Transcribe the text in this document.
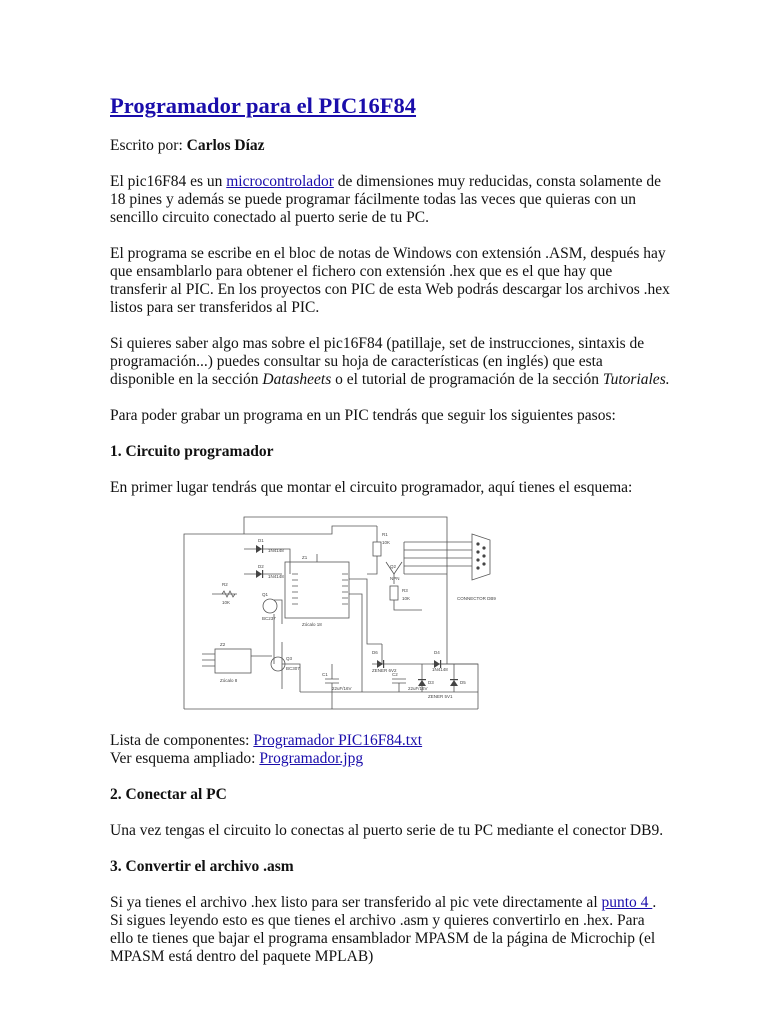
Programador para el PIC16F84

Escrito por: Carlos Díaz

El pic16F84 es un microcontrolador de dimensiones muy reducidas, consta solamente de 18 pines y además se puede programar fácilmente todas las veces que quieras con un sencillo circuito conectado al puerto serie de tu PC.

El programa se escribe en el bloc de notas de Windows con extensión .ASM, después hay que ensamblarlo para obtener el fichero con extensión .hex que es el que hay que transferir al PIC. En los proyectos con PIC de esta Web podrás descargar los archivos .hex listos para ser transferidos al PIC.

Si quieres saber algo mas sobre el pic16F84 (patillaje, set de instrucciones, sintaxis de programación...) puedes consultar su hoja de características (en inglés) que esta disponible en la sección Datasheets o el tutorial de programación de la sección Tutoriales.

Para poder grabar un programa en un PIC tendrás que seguir los siguientes pasos:

1. Circuito programador

En primer lugar tendrás que montar el circuito programador, aquí tienes el esquema:

D1
1N4148
D2
1N4148
R2
10K
Q1
BC237
Z1
Zócalo 18
R1
10K
Q2
NPN
R3
10K	CONNECTOR DB9
Z2
Zócalo 8
Q3
BC307
C1
22uF/16V
D6
ZENER 6V2
C2
22uF/16V
D4
1N4148
D3
ZENER 5V1
D5

Lista de componentes: Programador PIC16F84.txt

Ver esquema ampliado: Programador.jpg

2. Conectar al PC

Una vez tengas el circuito lo conectas al puerto serie de tu PC mediante el conector DB9.

3. Convertir el archivo .asm

Si ya tienes el archivo .hex listo para ser transferido al pic vete directamente al punto 4 . Si sigues leyendo esto es que tienes el archivo .asm y quieres convertirlo en .hex. Para ello te tienes que bajar el programa ensamblador MPASM de la página de Microchip (el MPASM está dentro del paquete MPLAB)
